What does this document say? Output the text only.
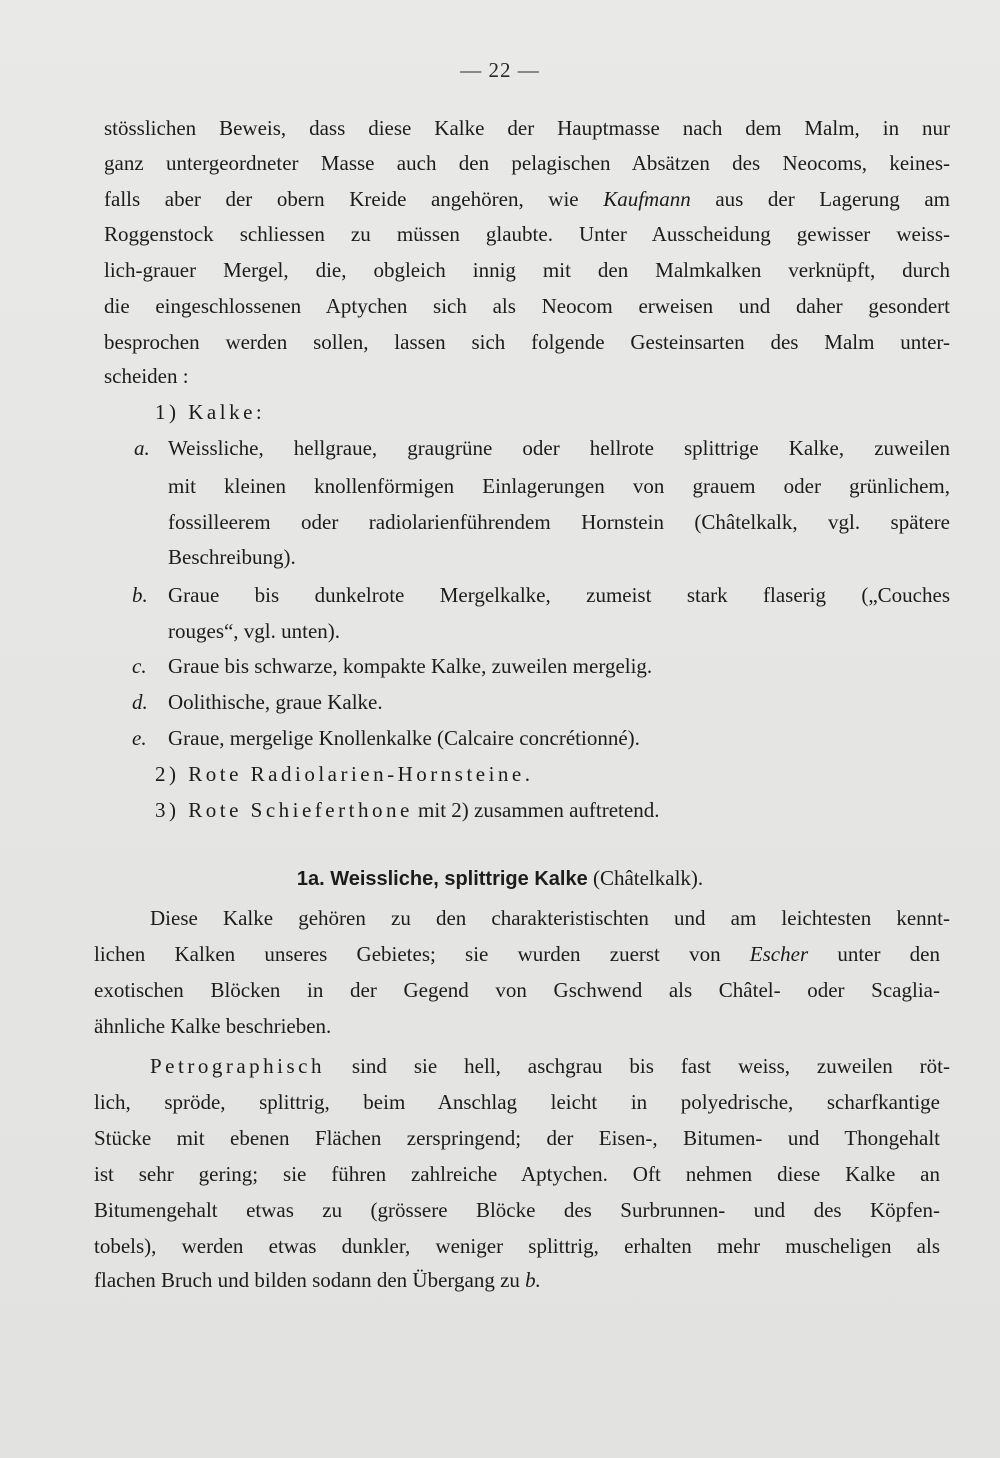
— 22 —
stösslichen Beweis, dass diese Kalke der Hauptmasse nach dem Malm, in nur
ganz untergeordneter Masse auch den pelagischen Absätzen des Neocoms, keines-
falls aber der obern Kreide angehören, wie Kaufmann aus der Lagerung am
Roggenstock schliessen zu müssen glaubte. Unter Ausscheidung gewisser weiss-
lich-grauer Mergel, die, obgleich innig mit den Malmkalken verknüpft, durch
die eingeschlossenen Aptychen sich als Neocom erweisen und daher gesondert
besprochen werden sollen, lassen sich folgende Gesteinsarten des Malm unter-
scheiden :
1) Kalke:
a. Weissliche, hellgraue, graugrüne oder hellrote splittrige Kalke, zuweilen
mit kleinen knollenförmigen Einlagerungen von grauem oder grünlichem,
fossilleerem oder radiolarienführendem Hornstein (Châtelkalk, vgl. spätere
Beschreibung).
b. Graue bis dunkelrote Mergelkalke, zumeist stark flaserig („Couches
rouges“, vgl. unten).
c. Graue bis schwarze, kompakte Kalke, zuweilen mergelig.
d. Oolithische, graue Kalke.
e. Graue, mergelige Knollenkalke (Calcaire concrétionné).
2) Rote Radiolarien-Hornsteine.
3) Rote Schieferthone mit 2) zusammen auftretend.
1a. Weissliche, splittrige Kalke (Châtelkalk).
Diese Kalke gehören zu den charakteristischten und am leichtesten kennt-
lichen Kalken unseres Gebietes; sie wurden zuerst von Escher unter den
exotischen Blöcken in der Gegend von Gschwend als Châtel- oder Scaglia-
ähnliche Kalke beschrieben.
Petrographisch sind sie hell, aschgrau bis fast weiss, zuweilen röt-
lich, spröde, splittrig, beim Anschlag leicht in polyedrische, scharfkantige
Stücke mit ebenen Flächen zerspringend; der Eisen-, Bitumen- und Thongehalt
ist sehr gering; sie führen zahlreiche Aptychen. Oft nehmen diese Kalke an
Bitumengehalt etwas zu (grössere Blöcke des Surbrunnen- und des Köpfen-
tobels), werden etwas dunkler, weniger splittrig, erhalten mehr muscheligen als
flachen Bruch und bilden sodann den Übergang zu b.
